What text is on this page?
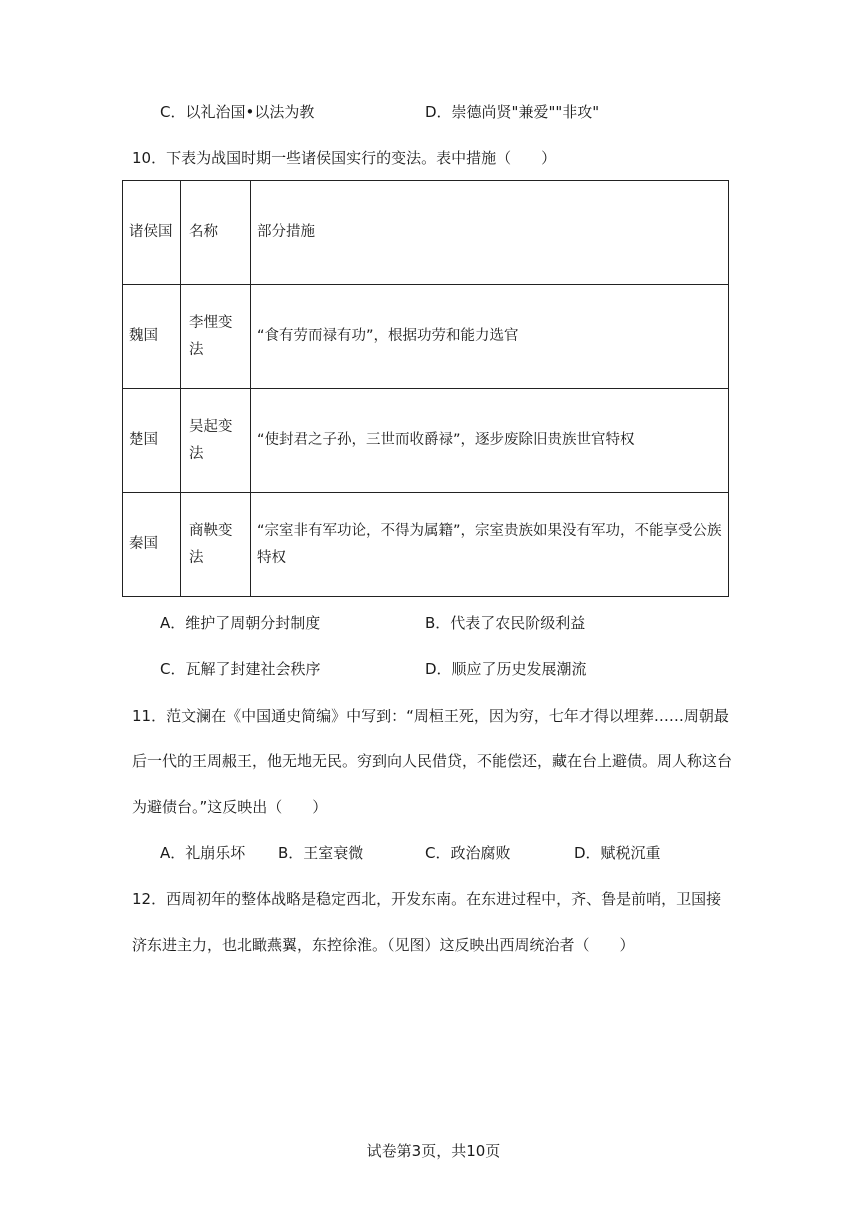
C．以礼治国•以法为教	D．崇德尚贤"兼爱""非攻"
10．下表为战国时期一些诸侯国实行的变法。表中措施（　　）
诸侯国	名称	部分措施
魏国	李悝变法	“食有劳而禄有功”，根据功劳和能力选官
楚国	吴起变法	“使封君之子孙，三世而收爵禄”，逐步废除旧贵族世官特权
秦国	商鞅变法	“宗室非有军功论，不得为属籍”，宗室贵族如果没有军功，不能享受公族特权
A．维护了周朝分封制度	B．代表了农民阶级利益
C．瓦解了封建社会秩序	D．顺应了历史发展潮流
11．范文澜在《中国通史简编》中写到：“周桓王死，因为穷，七年才得以埋葬……周朝最
后一代的王周赧王，他无地无民。穷到向人民借贷，不能偿还，藏在台上避债。周人称这台
为避债台。”这反映出（　　）
A．礼崩乐坏 B．王室衰微	C．政治腐败	D．赋税沉重
12．西周初年的整体战略是稳定西北，开发东南。在东进过程中，齐、鲁是前哨，卫国接
济东进主力，也北瞰燕翼，东控徐淮。（见图）这反映出西周统治者（　　）
试卷第3页，共10页
